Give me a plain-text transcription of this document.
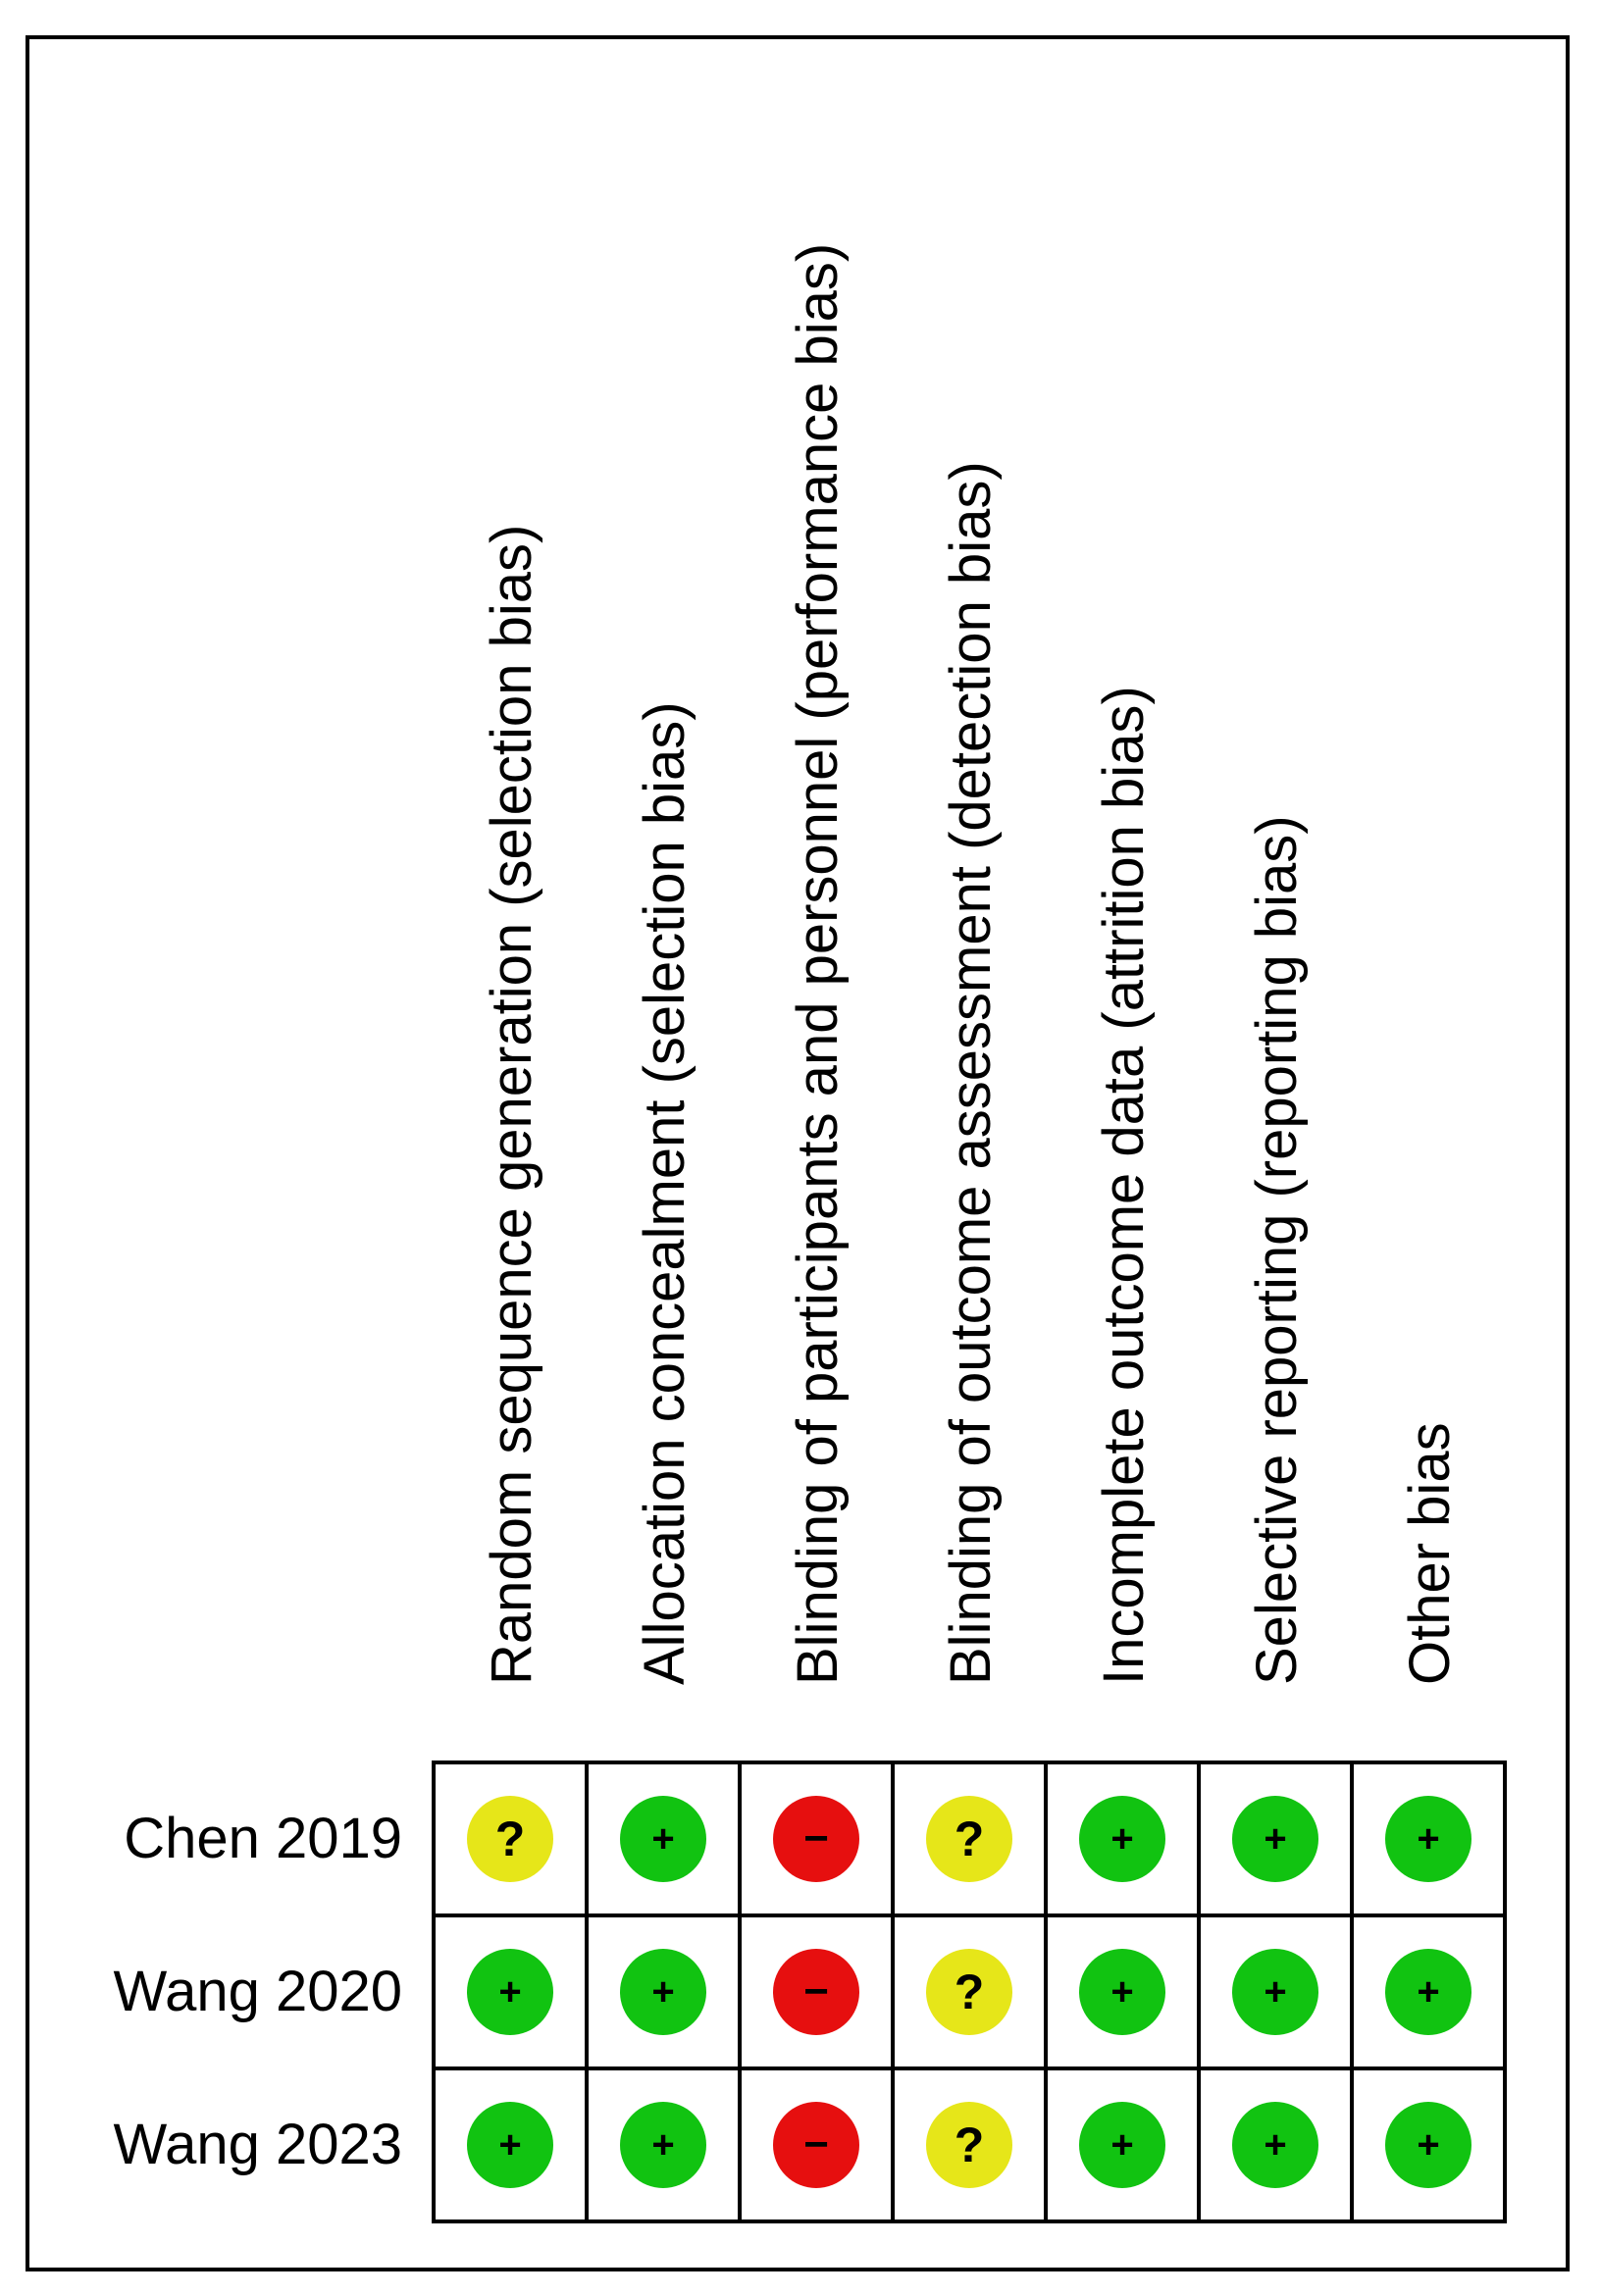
Random sequence generation (selection bias) Allocation concealment (selection bias) Blinding of participants and personnel (performance bias) Blinding of outcome assessment (detection bias) Incomplete outcome data (attrition bias) Selective reporting (reporting bias) Other bias
Chen 2019
Wang 2020
Wang 2023
?	+	−	?	+	+	+
+	+	−	?	+	+	+
+	+	−	?	+	+	+
